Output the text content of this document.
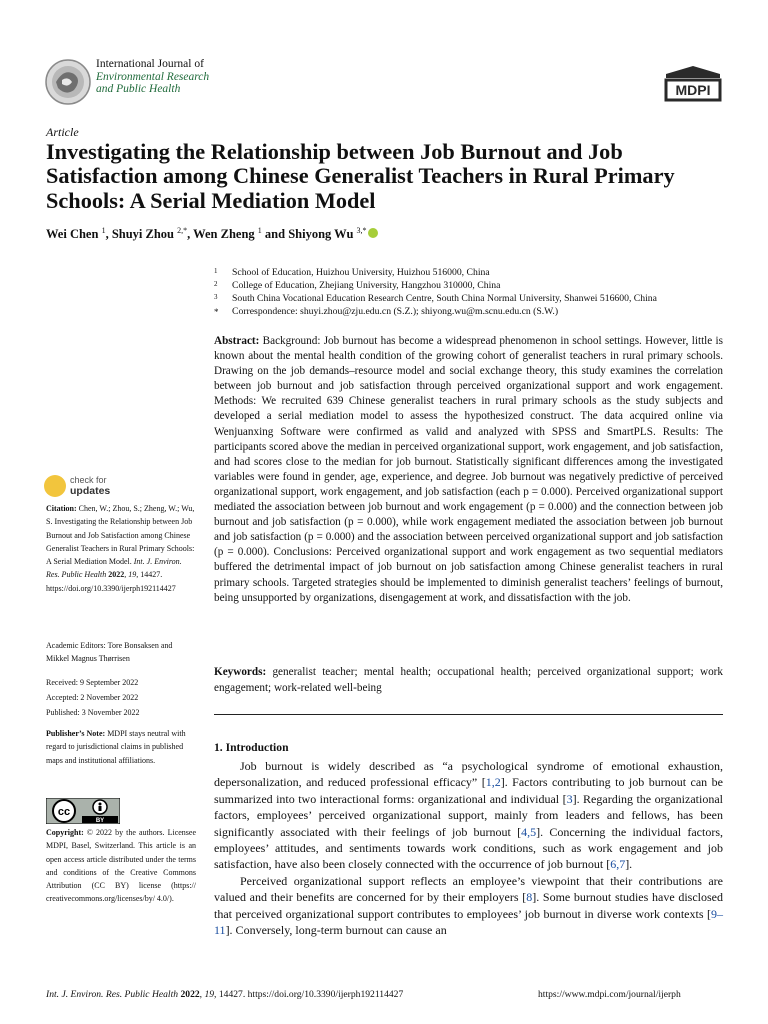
International Journal of
Environmental Research
and Public Health	MDPI
Article
Investigating the Relationship between Job Burnout and Job Satisfaction among Chinese Generalist Teachers in Rural Primary Schools: A Serial Mediation Model
Wei Chen $^1$, Shuyi Zhou $^{2,*}$, Wen Zheng $^1$ and Shiyong Wu $^{3,*}$
1	School of Education, Huizhou University, Huizhou 516000, China
2	College of Education, Zhejiang University, Hangzhou 310000, China
3	South China Vocational Education Research Centre, South China Normal University, Shanwei 516600, China
*	Correspondence: shuyi.zhou@zju.edu.cn (S.Z.); shiyong.wu@m.scnu.edu.cn (S.W.)
Abstract: Background: Job burnout has become a widespread phenomenon in school settings. However, little is known about the mental health condition of the growing cohort of generalist teachers in rural primary schools. Drawing on the job demands–resource model and social exchange theory, this study examines the correlation between job burnout and job satisfaction through perceived organizational support and work engagement. Methods: We recruited 639 Chinese generalist teachers in rural primary schools as the study subjects and developed a serial mediation model to assess the hypothesized construct. The data acquired online via Wenjuanxing Software were confirmed as valid and analyzed with SPSS and SmartPLS. Results: The participants scored above the median in perceived organizational support, work engagement, and job satisfaction, and had scores close to the median for job burnout. Statistically significant differences among the investigated variables were found in gender, age, experience, and degree. Job burnout was negatively predictive of perceived organizational support, work engagement, and job satisfaction (each p = 0.000). Perceived organizational support mediated the association between job burnout and work engagement (p = 0.000) and the connection between job burnout and job satisfaction (p = 0.000), while work engagement mediated the association between job burnout and job satisfaction (p = 0.000) and the association between perceived organizational support and job satisfaction (p = 0.000). Conclusions: Perceived organizational support and work engagement as two sequential mediators buffered the detrimental impact of job burnout on job satisfaction among Chinese generalist teachers in rural primary schools. Targeted strategies should be implemented to diminish generalist teachers’ feelings of burnout, being unsupported by organizations, disengagement at work, and dissatisfaction with the job.
Keywords: generalist teacher; mental health; occupational health; perceived organizational support; work engagement; work-related well-being
1. Introduction

Job burnout is widely described as “a psychological syndrome of emotional exhaustion, depersonalization, and reduced professional efficacy” [1,2]. Factors contributing to job burnout can be summarized into two interactional forms: organizational and individual [3]. Regarding the organizational factors, employees’ perceived organizational support, mainly from leaders and fellows, has been significantly associated with their feelings of job burnout [4,5]. Concerning the individual factors, employees’ attitudes, and sentiments towards work conditions, such as work engagement and job satisfaction, have also been closely connected with the occurrence of job burnout [6,7].

Perceived organizational support reflects an employee’s viewpoint that their contributions are valued and their benefits are concerned for by their employers [8]. Some burnout studies have disclosed that perceived organizational support contributes to employees’ job burnout in diverse work contexts [9–11]. Conversely, long-term burnout can cause an

check for
updates
Citation: Chen, W.; Zhou, S.; Zheng, W.; Wu, S. Investigating the Relationship between Job Burnout and Job Satisfaction among Chinese Generalist Teachers in Rural Primary Schools: A Serial Mediation Model. Int. J. Environ. Res. Public Health 2022, 19, 14427. https://doi.org/10.3390/ijerph192114427
Academic Editors: Tore Bonsaksen and Mikkel Magnus Thørrisen
Received: 9 September 2022
Accepted: 2 November 2022
Published: 3 November 2022
Publisher’s Note: MDPI stays neutral with regard to jurisdictional claims in published maps and institutional affiliations.
cc
BY
Copyright: © 2022 by the authors. Licensee MDPI, Basel, Switzerland. This article is an open access article distributed under the terms and conditions of the Creative Commons Attribution (CC BY) license (https:// creativecommons.org/licenses/by/ 4.0/).
Int. J. Environ. Res. Public Health 2022, 19, 14427. https://doi.org/10.3390/ijerph192114427	https://www.mdpi.com/journal/ijerph
